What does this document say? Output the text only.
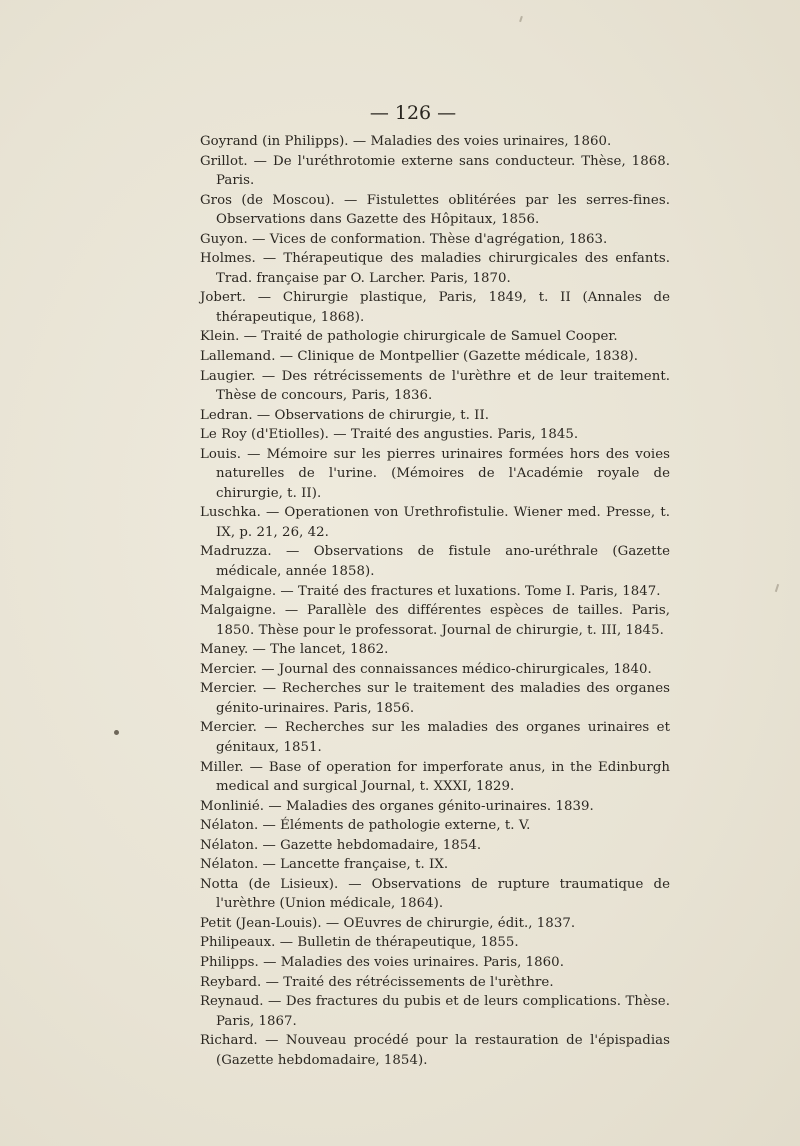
— 126 —
Goyrand (in Philipps). — Maladies des voies urinaires, 1860.
Grillot. — De l'uréthrotomie externe sans conducteur. Thèse, 1868. Paris.
Gros (de Moscou). — Fistulettes oblitérées par les serres-fines. Observations dans Gazette des Hôpitaux, 1856.
Guyon. — Vices de conformation. Thèse d'agrégation, 1863.
Holmes. — Thérapeutique des maladies chirurgicales des enfants. Trad. française par O. Larcher. Paris, 1870.
Jobert. — Chirurgie plastique, Paris, 1849, t. II (Annales de thérapeutique, 1868).
Klein. — Traité de pathologie chirurgicale de Samuel Cooper.
Lallemand. — Clinique de Montpellier (Gazette médicale, 1838).
Laugier. — Des rétrécissements de l'urèthre et de leur traitement. Thèse de concours, Paris, 1836.
Ledran. — Observations de chirurgie, t. II.
Le Roy (d'Etiolles). — Traité des angusties. Paris, 1845.
Louis. — Mémoire sur les pierres urinaires formées hors des voies naturelles de l'urine. (Mémoires de l'Académie royale de chirurgie, t. II).
Luschka. — Operationen von Urethrofistulie. Wiener med. Presse, t. IX, p. 21, 26, 42.
Madruzza. — Observations de fistule ano-uréthrale (Gazette médicale, année 1858).
Malgaigne. — Traité des fractures et luxations. Tome I. Paris, 1847.
Malgaigne. — Parallèle des différentes espèces de tailles. Paris, 1850. Thèse pour le professorat. Journal de chirurgie, t. III, 1845.
Maney. — The lancet, 1862.
Mercier. — Journal des connaissances médico-chirurgicales, 1840.
Mercier. — Recherches sur le traitement des maladies des organes génito-urinaires. Paris, 1856.
Mercier. — Recherches sur les maladies des organes urinaires et génitaux, 1851.
Miller. — Base of operation for imperforate anus, in the Edinburgh medical and surgical Journal, t. XXXI, 1829.
Monlinié. — Maladies des organes génito-urinaires. 1839.
Nélaton. — Éléments de pathologie externe, t. V.
Nélaton. — Gazette hebdomadaire, 1854.
Nélaton. — Lancette française, t. IX.
Notta (de Lisieux). — Observations de rupture traumatique de l'urèthre (Union médicale, 1864).
Petit (Jean-Louis). — OEuvres de chirurgie, édit., 1837.
Philipeaux. — Bulletin de thérapeutique, 1855.
Philipps. — Maladies des voies urinaires. Paris, 1860.
Reybard. — Traité des rétrécissements de l'urèthre.
Reynaud. — Des fractures du pubis et de leurs complications. Thèse. Paris, 1867.
Richard. — Nouveau procédé pour la restauration de l'épispadias (Gazette hebdomadaire, 1854).
